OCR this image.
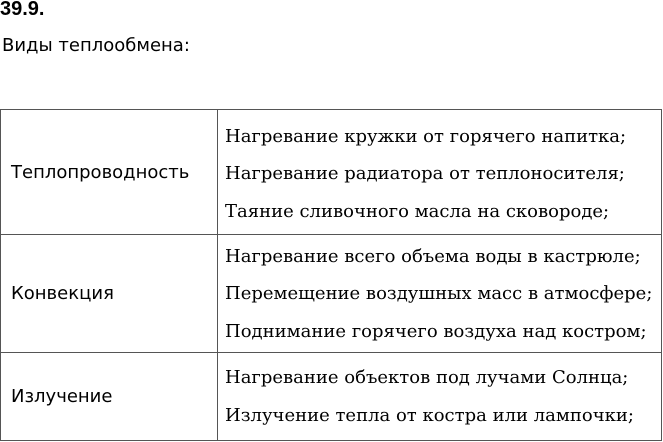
39.9.
Виды теплообмена:
Теплопроводность	Нагревание кружки от горячего напитка;
Нагревание радиатора от теплоносителя;
Таяние сливочного масла на сковороде;

Конвекция	Нагревание всего объема воды в кастрюле;
Перемещение воздушных масс в атмосфере;
Поднимание горячего воздуха над костром;

Излучение	Нагревание объектов под лучами Солнца;
Излучение тепла от костра или лампочки;
